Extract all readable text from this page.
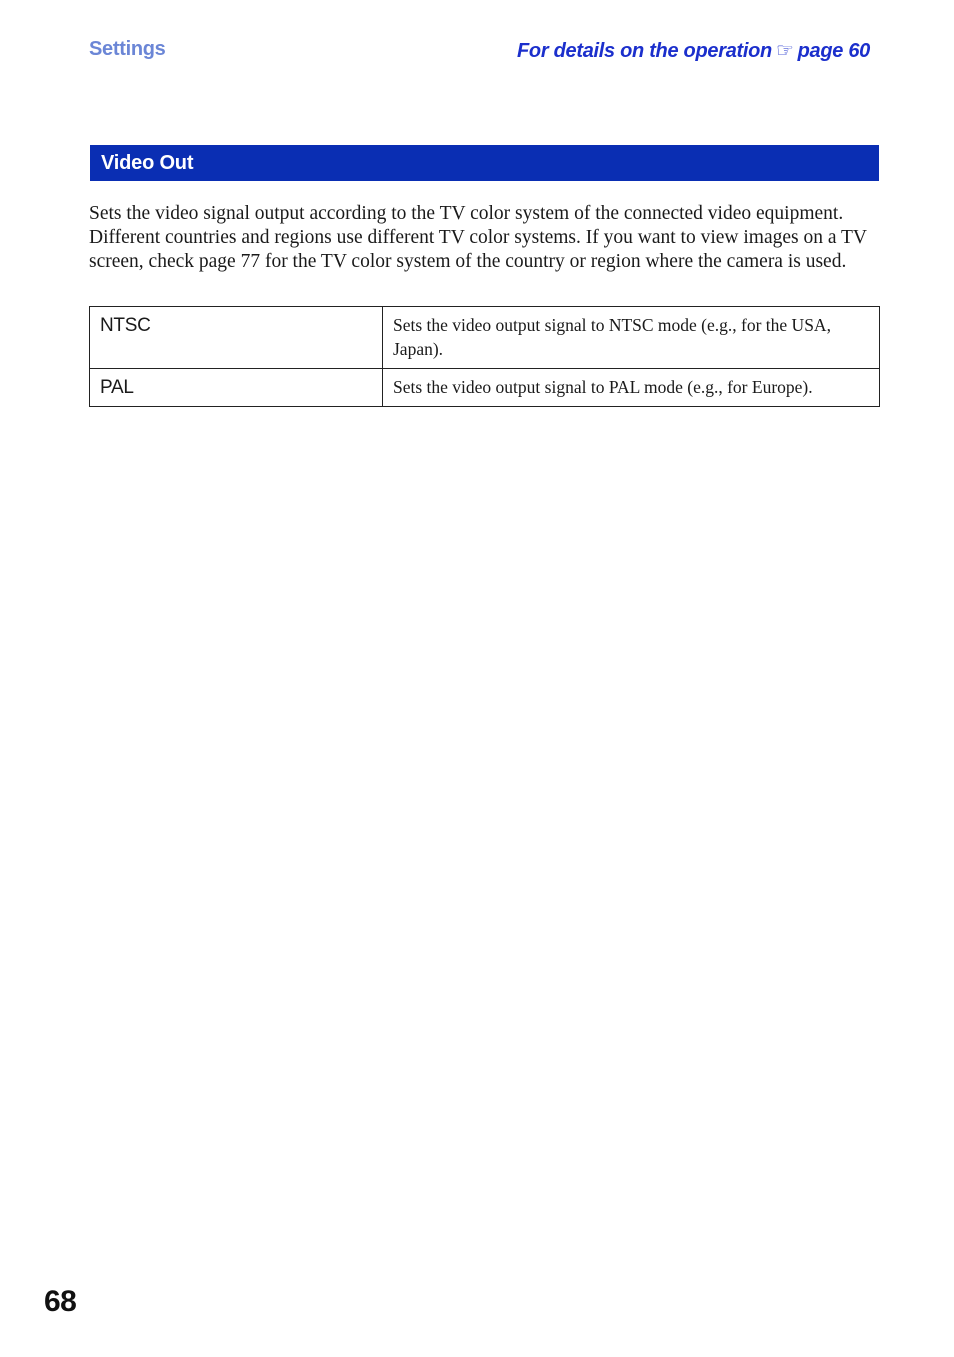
Settings	For details on the operation ☞ page 60
Video Out

Sets the video signal output according to the TV color system of the connected video equipment. Different countries and regions use different TV color systems. If you want to view images on a TV screen, check page 77 for the TV color system of the country or region where the camera is used.

NTSC	Sets the video output signal to NTSC mode (e.g., for the USA, Japan).
PAL	Sets the video output signal to PAL mode (e.g., for Europe).
68
